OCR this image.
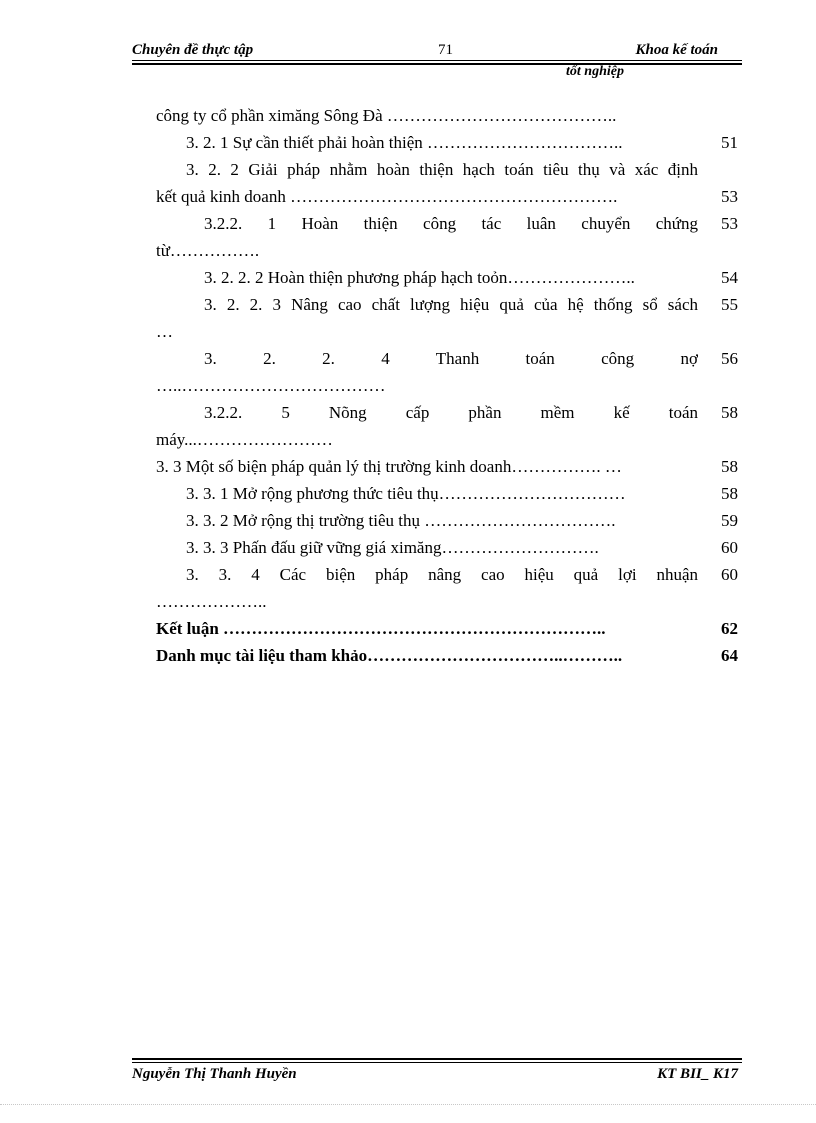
Chuyên đề thực tập	71	Khoa kế toán
tốt nghiệp
công ty cổ phần ximăng Sông Đà …………………………………..
3. 2. 1 Sự cần thiết phải hoàn thiện ……………………………..	51
3. 2. 2 Giải pháp nhằm hoàn thiện hạch toán tiêu thụ và xác định
kết quả kinh doanh ………………………………………………….	53
3.2.2. 1 Hoàn thiện công tác luân chuyển chứng	53
từ…………….
3. 2. 2. 2 Hoàn thiện phương pháp hạch toỏn…………………..	54
3. 2. 2. 3 Nâng cao chất lượng hiệu quả của hệ thống sổ sách	55
…
3. 2. 2. 4 Thanh toán công nợ	56
…..………………………………
3.2.2. 5 Nõng cấp phần mềm kế toán	58
máy...……………………
3. 3 Một số biện pháp quản lý thị trường kinh doanh……………. …	58
3. 3. 1 Mở rộng phương thức tiêu thụ……………………………	58
3. 3. 2 Mở rộng thị trường tiêu thụ …………………………….	59
3. 3. 3 Phấn đấu giữ vững giá ximăng……………………….	60
3. 3. 4 Các biện pháp nâng cao hiệu quả lợi nhuận	60
………………..
Kết luận …………………………………………………………..	62
Danh mục tài liệu tham khảo……………………………..………..	64
Nguyễn Thị Thanh Huyền	KT BII_ K17
